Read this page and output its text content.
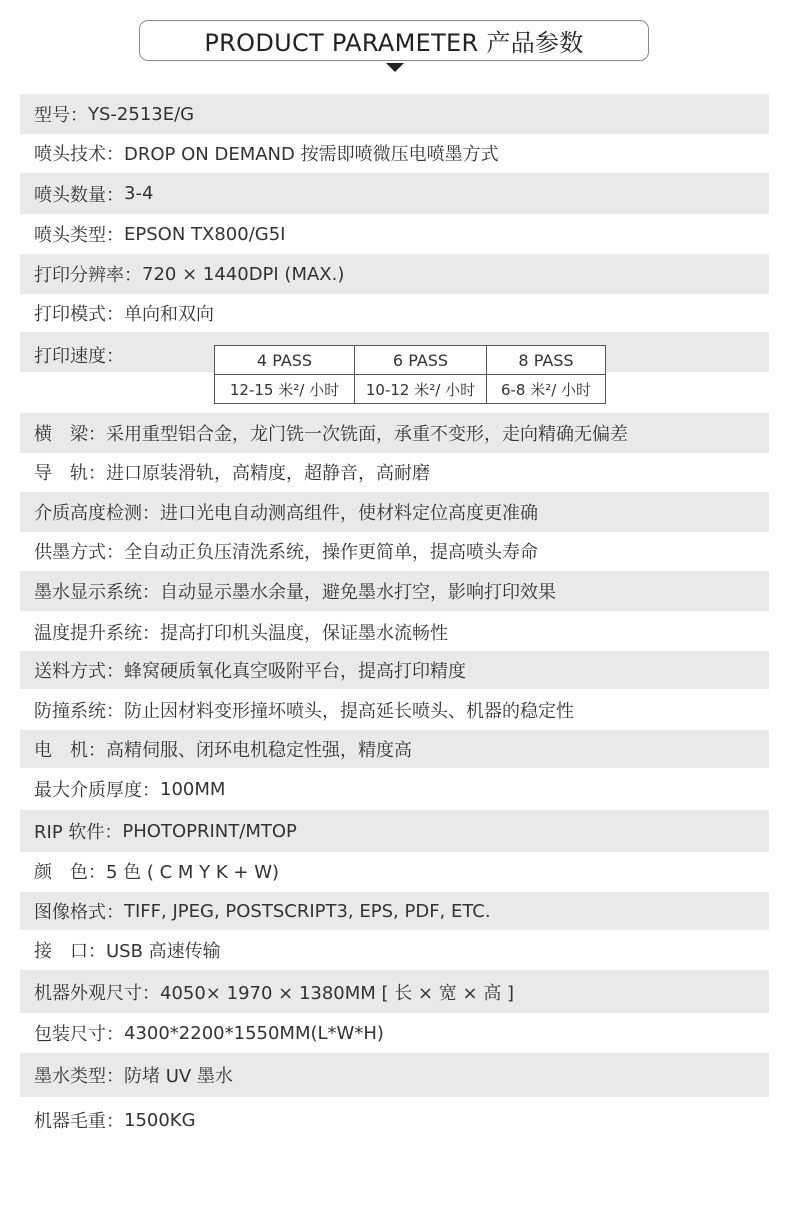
PRODUCT PARAMETER 产品参数
型号： YS-2513E/G
喷头技术： DROP ON DEMAND 按需即喷微压电喷墨方式
喷头数量： 3-4
喷头类型： EPSON TX800/G5I
打印分辨率： 720 × 1440DPI (MAX.)
打印模式： 单向和双向
打印速度：	4 PASS	6 PASS	8 PASS
12-15 米²/ 小时	10-12 米²/ 小时	6-8 米²/ 小时
横　梁： 采用重型铝合金，龙门铣一次铣面，承重不变形，走向精确无偏差
导　轨： 进口原装滑轨，高精度，超静音，高耐磨
介质高度检测： 进口光电自动测高组件，使材料定位高度更准确
供墨方式： 全自动正负压清洗系统，操作更简单，提高喷头寿命
墨水显示系统： 自动显示墨水余量，避免墨水打空，影响打印效果
温度提升系统： 提高打印机头温度，保证墨水流畅性
送料方式： 蜂窝硬质氧化真空吸附平台，提高打印精度
防撞系统： 防止因材料变形撞坏喷头，提高延长喷头、机器的稳定性
电　机： 高精伺服、闭环电机稳定性强，精度高
最大介质厚度： 100MM
RIP 软件： PHOTOPRINT/MTOP
颜　色： 5 色 ( C M Y K + W)
图像格式： TIFF, JPEG, POSTSCRIPT3, EPS, PDF, ETC.
接　口： USB 高速传输
机器外观尺寸： 4050× 1970 × 1380MM [ 长 × 宽 × 高 ]
包装尺寸： 4300*2200*1550MM(L*W*H)
墨水类型： 防堵 UV 墨水
机器毛重： 1500KG
